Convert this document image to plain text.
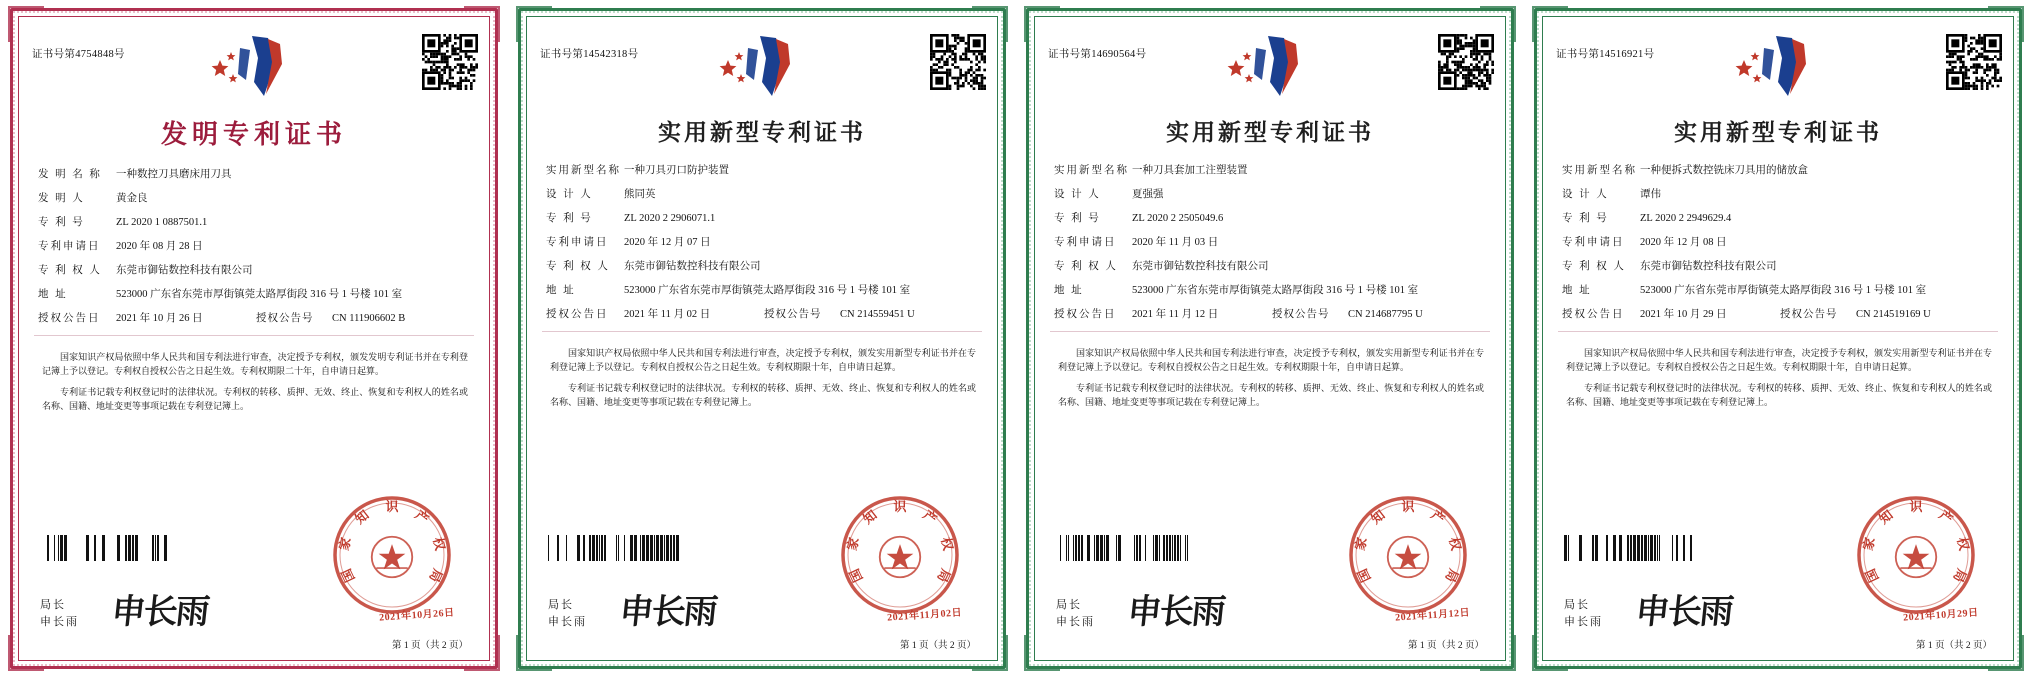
证书号第4754848号
发明专利证书
发 明 名 称	一种数控刀具磨床用刀具
发 明 人	黄金良
专 利 号	ZL 2020 1 0887501.1
专利申请日	2020 年 08 月 28 日
专 利 权 人	东莞市御钻数控科技有限公司
地 址	523000 广东省东莞市厚街镇莞太路厚街段 316 号 1 号楼 101 室
授权公告日	2021 年 10 月 26 日	授权公告号	CN 111906602 B

国家知识产权局依照中华人民共和国专利法进行审查，决定授予专利权，颁发发明专利证书并在专利登记簿上予以登记。专利权自授权公告之日起生效。专利权期限二十年，自申请日起算。

专利证书记载专利权登记时的法律状况。专利权的转移、质押、无效、终止、恢复和专利权人的姓名或名称、国籍、地址变更等事项记载在专利登记簿上。

局长
申长雨 申长雨
国
家
知
识
产
权
局
2021年10月26日
第 1 页（共 2 页）
证书号第14542318号
实用新型专利证书
实用新型名称 一种刀具刃口防护装置
设 计 人	熊同英
专 利 号	ZL 2020 2 2906071.1
专利申请日	2020 年 12 月 07 日
专 利 权 人	东莞市御钻数控科技有限公司
地 址	523000 广东省东莞市厚街镇莞太路厚街段 316 号 1 号楼 101 室
授权公告日	2021 年 11 月 02 日	授权公告号	CN 214559451 U

国家知识产权局依照中华人民共和国专利法进行审查，决定授予专利权，颁发实用新型专利证书并在专利登记簿上予以登记。专利权自授权公告之日起生效。专利权期限十年，自申请日起算。

专利证书记载专利权登记时的法律状况。专利权的转移、质押、无效、终止、恢复和专利权人的姓名或名称、国籍、地址变更等事项记载在专利登记簿上。

局长
申长雨 申长雨
国
家
知
识
产
权
局
2021年11月02日
第 1 页（共 2 页）
证书号第14690564号
实用新型专利证书
实用新型名称 一种刀具套加工注塑装置
设 计 人	夏强强
专 利 号	ZL 2020 2 2505049.6
专利申请日	2020 年 11 月 03 日
专 利 权 人	东莞市御钻数控科技有限公司
地 址	523000 广东省东莞市厚街镇莞太路厚街段 316 号 1 号楼 101 室
授权公告日	2021 年 11 月 12 日	授权公告号	CN 214687795 U

国家知识产权局依照中华人民共和国专利法进行审查，决定授予专利权，颁发实用新型专利证书并在专利登记簿上予以登记。专利权自授权公告之日起生效。专利权期限十年，自申请日起算。

专利证书记载专利权登记时的法律状况。专利权的转移、质押、无效、终止、恢复和专利权人的姓名或名称、国籍、地址变更等事项记载在专利登记簿上。

局长
申长雨 申长雨
国
家
知
识
产
权
局
2021年11月12日
第 1 页（共 2 页）
证书号第14516921号
实用新型专利证书
实用新型名称 一种便拆式数控铣床刀具用的储放盒
设 计 人	谭伟
专 利 号	ZL 2020 2 2949629.4
专利申请日	2020 年 12 月 08 日
专 利 权 人	东莞市御钻数控科技有限公司
地 址	523000 广东省东莞市厚街镇莞太路厚街段 316 号 1 号楼 101 室
授权公告日	2021 年 10 月 29 日	授权公告号	CN 214519169 U

国家知识产权局依照中华人民共和国专利法进行审查，决定授予专利权，颁发实用新型专利证书并在专利登记簿上予以登记。专利权自授权公告之日起生效。专利权期限十年，自申请日起算。

专利证书记载专利权登记时的法律状况。专利权的转移、质押、无效、终止、恢复和专利权人的姓名或名称、国籍、地址变更等事项记载在专利登记簿上。

局长
申长雨 申长雨
国
家
知
识
产
权
局
2021年10月29日
第 1 页（共 2 页）
